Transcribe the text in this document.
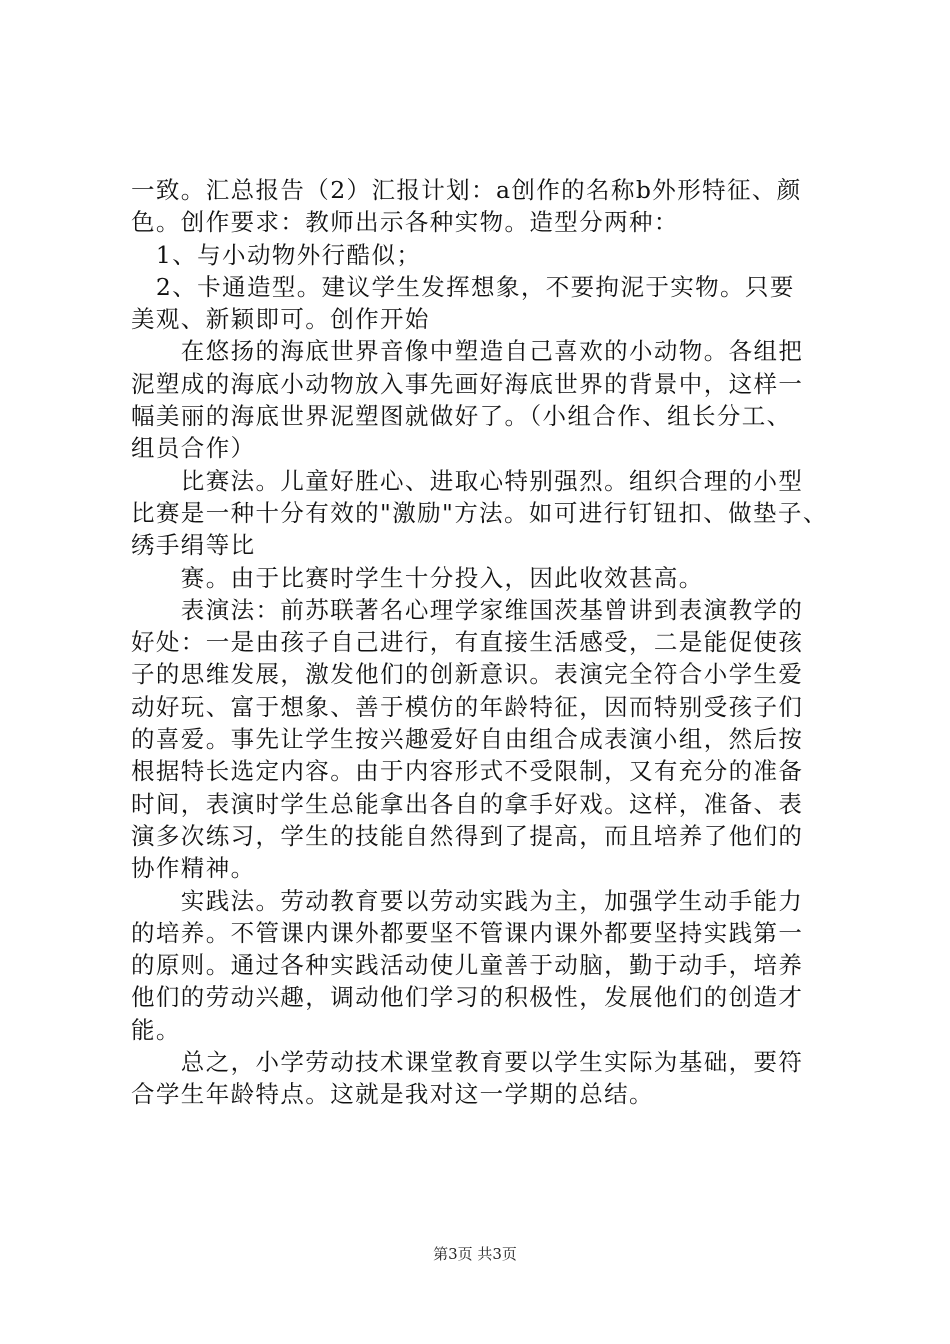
一致。汇总报告（2）汇报计划：a创作的名称b外形特征、颜
色。创作要求：教师出示各种实物。造型分两种：
　1、与小动物外行酷似；
　2、卡通造型。建议学生发挥想象，不要拘泥于实物。只要
美观、新颖即可。创作开始
　　在悠扬的海底世界音像中塑造自己喜欢的小动物。各组把
泥塑成的海底小动物放入事先画好海底世界的背景中，这样一
幅美丽的海底世界泥塑图就做好了。（小组合作、组长分工、
组员合作）
　　比赛法。儿童好胜心、进取心特别强烈。组织合理的小型
比赛是一种十分有效的"激励"方法。如可进行钉钮扣、做垫子、
绣手绢等比
　　赛。由于比赛时学生十分投入，因此收效甚高。
　　表演法：前苏联著名心理学家维国茨基曾讲到表演教学的
好处：一是由孩子自己进行，有直接生活感受，二是能促使孩
子的思维发展，激发他们的创新意识。表演完全符合小学生爱
动好玩、富于想象、善于模仿的年龄特征，因而特别受孩子们
的喜爱。事先让学生按兴趣爱好自由组合成表演小组，然后按
根据特长选定内容。由于内容形式不受限制，又有充分的准备
时间，表演时学生总能拿出各自的拿手好戏。这样，准备、表
演多次练习，学生的技能自然得到了提高，而且培养了他们的
协作精神。
　　实践法。劳动教育要以劳动实践为主，加强学生动手能力
的培养。不管课内课外都要坚不管课内课外都要坚持实践第一
的原则。通过各种实践活动使儿童善于动脑，勤于动手，培养
他们的劳动兴趣，调动他们学习的积极性，发展他们的创造才
能。
　　总之，小学劳动技术课堂教育要以学生实际为基础，要符
合学生年龄特点。这就是我对这一学期的总结。
第3页 共3页
